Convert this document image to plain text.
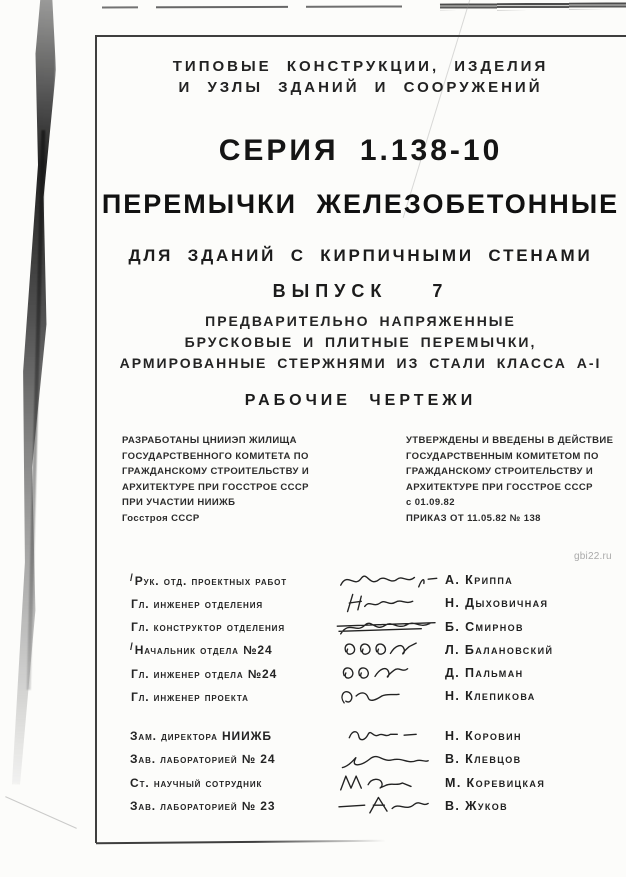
ТИПОВЫЕ КОНСТРУКЦИИ, ИЗДЕЛИЯ
И УЗЛЫ ЗДАНИЙ И СООРУЖЕНИЙ
СЕРИЯ 1.138-10
ПЕРЕМЫЧКИ ЖЕЛЕЗОБЕТОННЫЕ
ДЛЯ ЗДАНИЙ С КИРПИЧНЫМИ СТЕНАМИ
ВЫПУСК 7
ПРЕДВАРИТЕЛЬНО НАПРЯЖЕННЫЕ
БРУСКОВЫЕ И ПЛИТНЫЕ ПЕРЕМЫЧКИ,
АРМИРОВАННЫЕ СТЕРЖНЯМИ ИЗ СТАЛИ КЛАССА А-I
РАБОЧИЕ ЧЕРТЕЖИ
РАЗРАБОТАНЫ ЦНИИЭП ЖИЛИЩА
ГОСУДАРСТВЕННОГО КОМИТЕТА ПО
ГРАЖДАНСКОМУ СТРОИТЕЛЬСТВУ И
АРХИТЕКТУРЕ ПРИ ГОССТРОЕ СССР
ПРИ УЧАСТИИ НИИЖБ
Госстроя СССР
УТВЕРЖДЕНЫ И ВВЕДЕНЫ В ДЕЙСТВИЕ
ГОСУДАРСТВЕННЫМ КОМИТЕТОМ ПО
ГРАЖДАНСКОМУ СТРОИТЕЛЬСТВУ И
АРХИТЕКТУРЕ ПРИ ГОССТРОЕ СССР
с 01.09.82
ПРИКАЗ ОТ 11.05.82 № 138
/Рук. отд. проектных работ	А. Криппа
Гл. инженер отделения	Н. Дыховичная
Гл. конструктор отделения	Б. Смирнов
/Начальник отдела №24	Л. Балановский
Гл. инженер отдела №24	Д. Пальман
Гл. инженер проекта	Н. Клепикова
Зам. директора НИИЖБ	Н. Коровин
Зав. лабораторией № 24	В. Клевцов
Ст. научный сотрудник	М. Коревицкая
Зав. лабораторией № 23	В. Жуков
gbi22.ru
